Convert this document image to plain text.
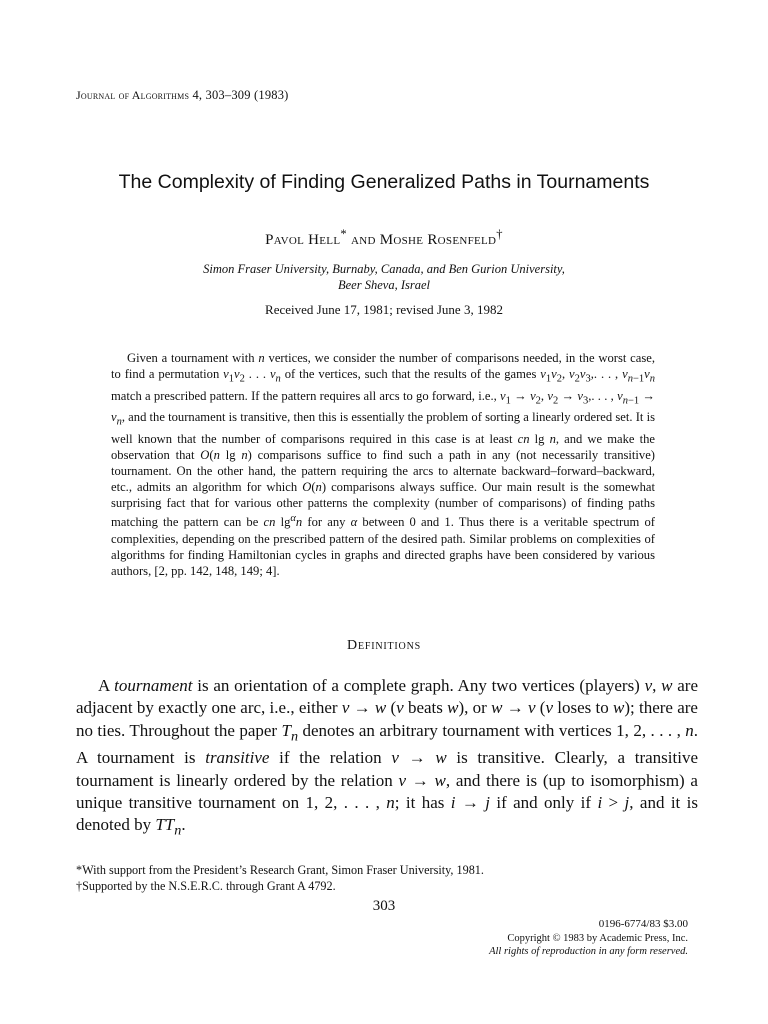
Journal of Algorithms 4, 303–309 (1983)
The Complexity of Finding Generalized Paths in Tournaments
Pavol Hell* and Moshe Rosenfeld†
Simon Fraser University, Burnaby, Canada, and Ben Gurion University,
Beer Sheva, Israel
Received June 17, 1981; revised June 3, 1982

Given a tournament with n vertices, we consider the number of comparisons needed, in the worst case, to find a permutation $v_1v_2$ . . . $v_n$ of the vertices, such that the results of the games $v_1v_2$, $v_2v_3$,. . . , $v_{n-1}v_n$ match a prescribed pattern. If the pattern requires all arcs to go forward, i.e., $v_1 \to v_2$, $v_2 \to v_3$,. . . , $v_{n-1} \to v_n$, and the tournament is transitive, then this is essentially the problem of sorting a linearly ordered set. It is well known that the number of comparisons required in this case is at least cn lg n, and we make the observation that O(n lg n) comparisons suffice to find such a path in any (not necessarily transitive) tournament. On the other hand, the pattern requiring the arcs to alternate backward–forward–backward, etc., admits an algorithm for which O(n) comparisons always suffice. Our main result is the somewhat surprising fact that for various other patterns the complexity (number of comparisons) of finding paths matching the pattern can be cn $\lg^\alpha n$ for any α between 0 and 1. Thus there is a veritable spectrum of complexities, depending on the prescribed pattern of the desired path. Similar problems on complexities of algorithms for finding Hamiltonian cycles in graphs and directed graphs have been considered by various authors, [2, pp. 142, 148, 149; 4].

Definitions

A tournament is an orientation of a complete graph. Any two vertices (players) v, w are adjacent by exactly one arc, i.e., either v → w (v beats w), or w → v (v loses to w); there are no ties. Throughout the paper $T_n$ denotes an arbitrary tournament with vertices 1, 2, . . . , n. A tournament is transitive if the relation v → w is transitive. Clearly, a transitive tournament is linearly ordered by the relation v → w, and there is (up to isomorphism) a unique transitive tournament on 1, 2, . . . , n; it has i → j if and only if i > j, and it is denoted by $TT_n$.

*With support from the President’s Research Grant, Simon Fraser University, 1981.
†Supported by the N.S.E.R.C. through Grant A 4792.
303
0196-6774/83 $3.00
Copyright © 1983 by Academic Press, Inc.
All rights of reproduction in any form reserved.
